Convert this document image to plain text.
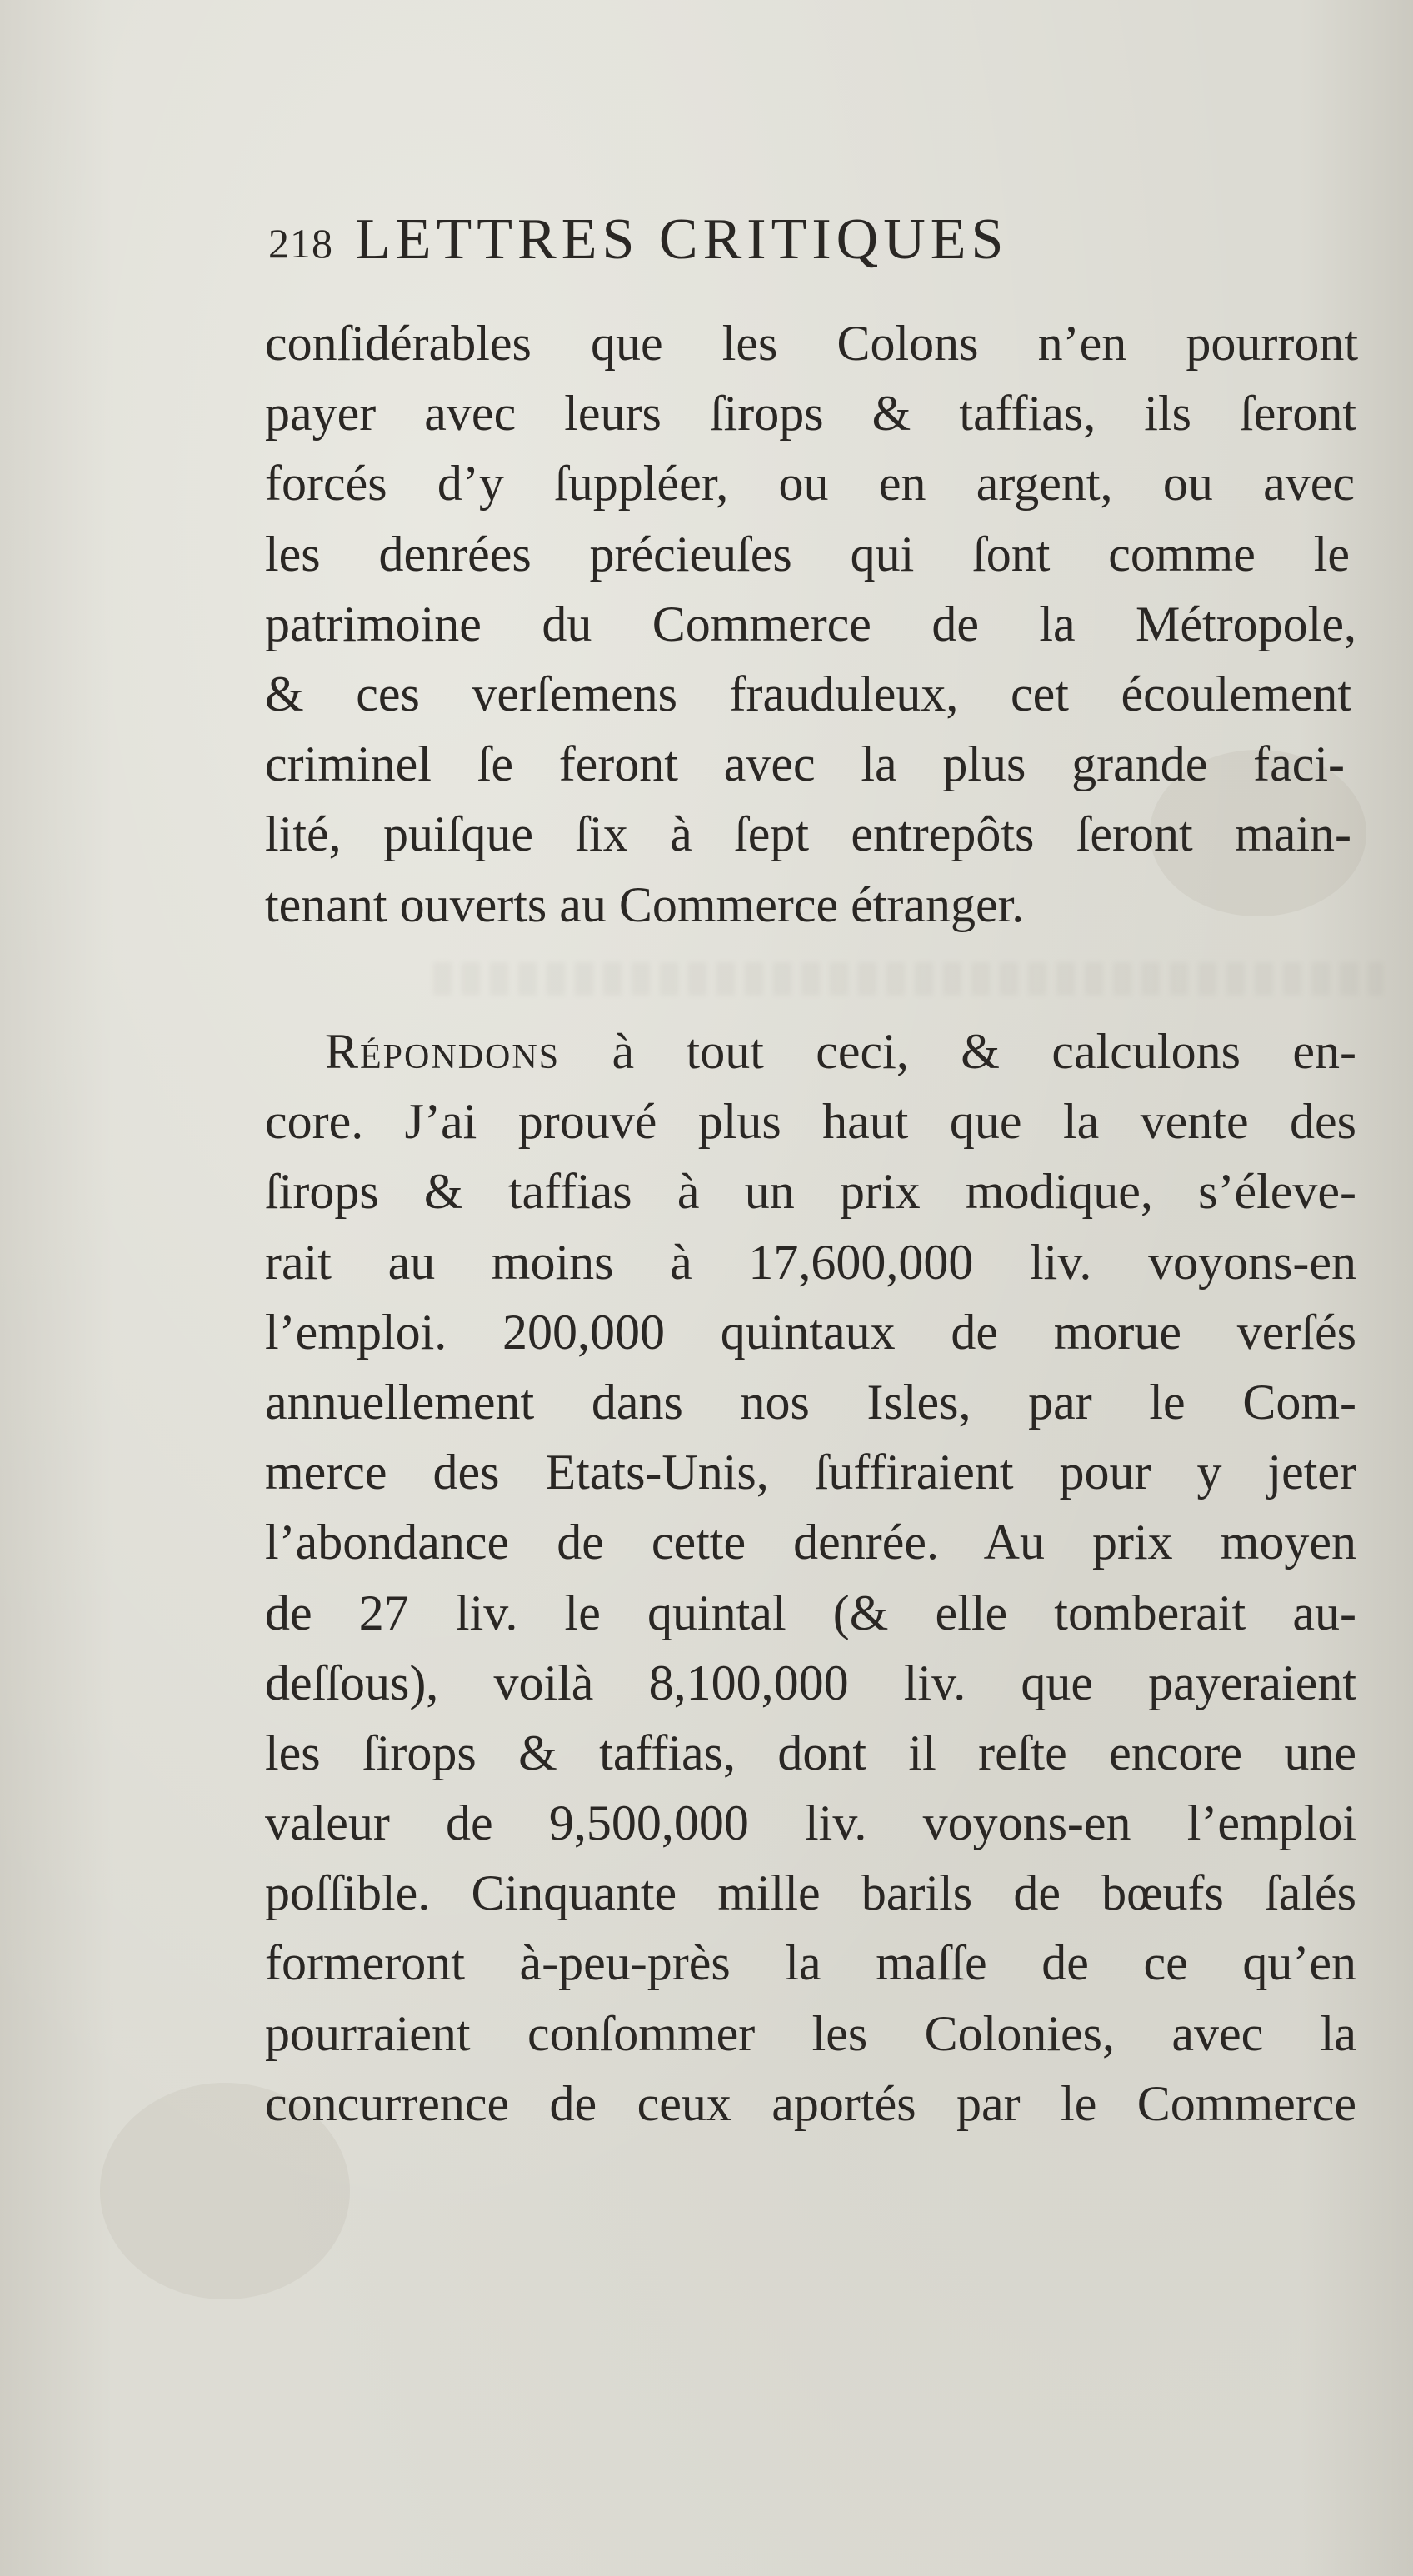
218 LETTRES CRITIQUES
conſidérables que les Colons n’en pourront
payer avec leurs ſirops & taffias, ils ſeront
forcés d’y ſuppléer, ou en argent, ou avec
les denrées précieuſes qui ſont comme le
patrimoine du Commerce de la Métropole,
& ces verſemens frauduleux, cet écoulement
criminel ſe feront avec la plus grande faci-
lité, puiſque ſix à ſept entrepôts ſeront main-
tenant ouverts au Commerce étranger.
Répondons à tout ceci, & calculons en-
core. J’ai prouvé plus haut que la vente des
ſirops & taffias à un prix modique, s’éleve-
rait au moins à 17,600,000 liv. voyons-en
l’emploi. 200,000 quintaux de morue verſés
annuellement dans nos Isles, par le Com-
merce des Etats-Unis, ſuffiraient pour y jeter
l’abondance de cette denrée. Au prix moyen
de 27 liv. le quintal (& elle tomberait au-
deſſous), voilà 8,100,000 liv. que payeraient
les ſirops & taffias, dont il reſte encore une
valeur de 9,500,000 liv. voyons-en l’emploi
poſſible. Cinquante mille barils de bœufs ſalés
formeront à-peu-près la maſſe de ce qu’en
pourraient conſommer les Colonies, avec la
concurrence de ceux aportés par le Commerce
